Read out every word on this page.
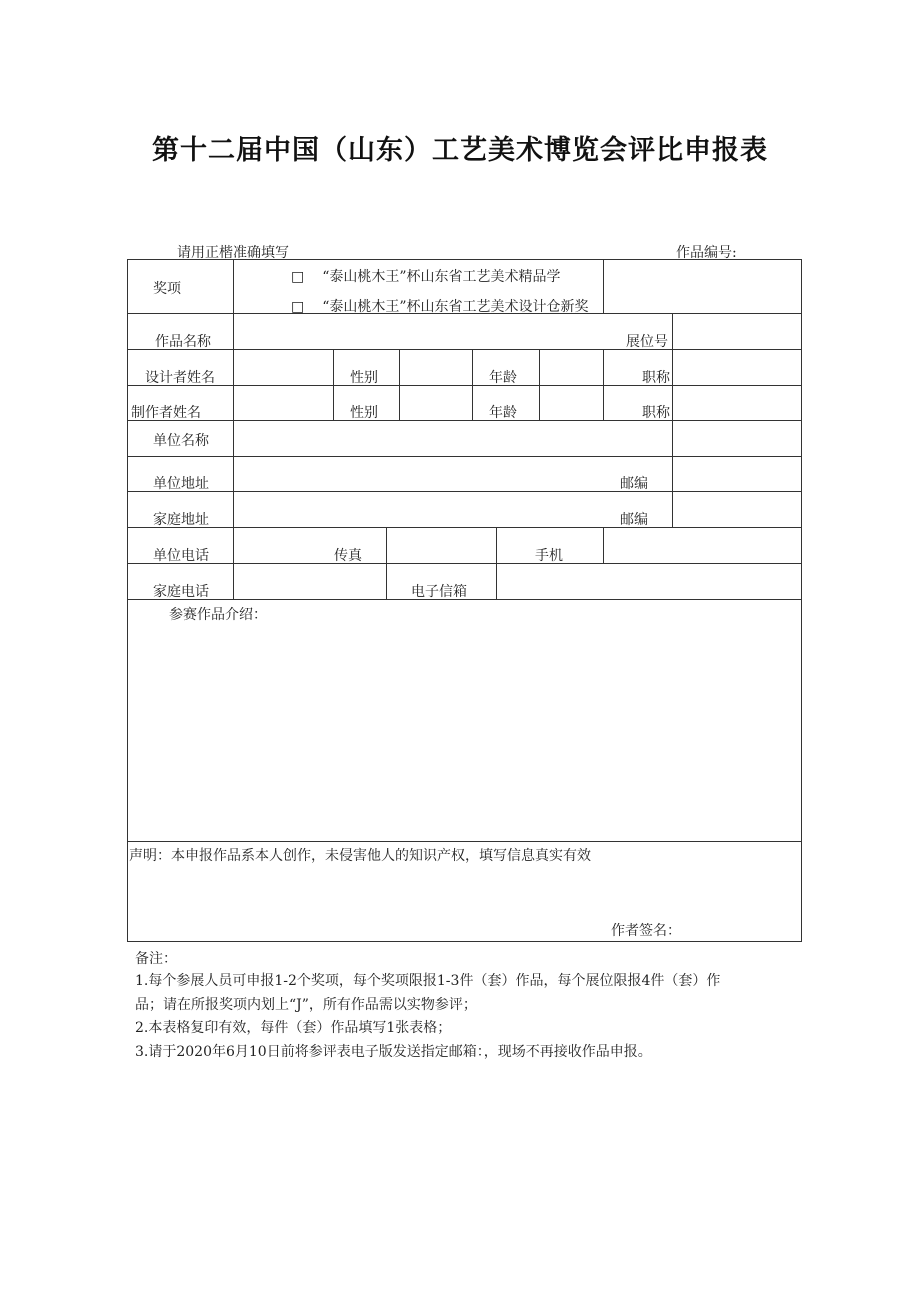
第十二届中国（山东）工艺美术博览会评比申报表
请用正楷准确填写	作品编号:
奖项
□ “泰山桃木王”杯山东省工艺美术精品学
□ “泰山桃木王”杯山东省工艺美术设计仓新奖
作品名称	展位号
设计者姓名	性别	年龄	职称
制作者姓名	性别	年龄	职称
单位名称
单位地址	邮编
家庭地址	邮编
单位电话	传真	手机
家庭电话	电子信箱
参赛作品介绍：
声明：本申报作品系本人创作，未侵害他人的知识产权，填写信息真实有效
作者签名：
备注：
1.每个参展人员可申报1-2个奖项，每个奖项限报1-3件（套）作品，每个展位限报4件（套）作
品；请在所报奖项内划上“J”，所有作品需以实物参评；
2.本表格复印有效，每件（套）作品填写1张表格；
3.请于2020年6月10日前将参评表电子版发送指定邮箱：，现场不再接收作品申报。
